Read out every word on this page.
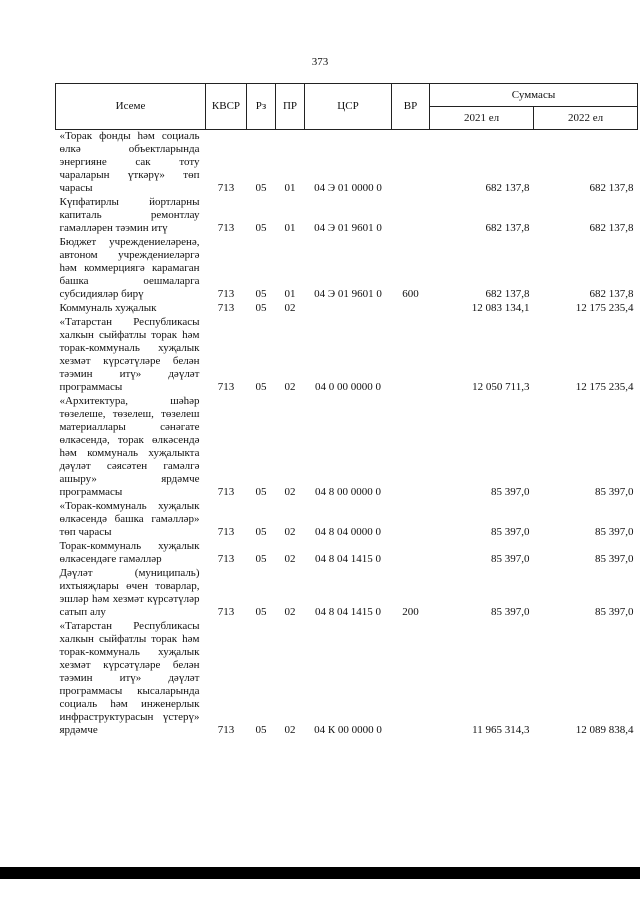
373
Исеме	КВСР	Рз	ПР	ЦСР	ВР	Суммасы	
						2021 ел	2022 ел
«Торак фонды һәм социаль өлкә объектларында энергияне сак тоту чараларын үткәрү» төп чарасы	713	05	01	04 Э 01 0000 0		682 137,8	682 137,8
Күпфатирлы йортларны капиталь ремонтлау гамәлләрен тәэмин итү	713	05	01	04 Э 01 9601 0		682 137,8	682 137,8
Бюджет учреждениеләренә, автоном учреждениеләргә һәм коммерциягә карамаган башка оешмаларга субсидияләр бирү	713	05	01	04 Э 01 9601 0	600	682 137,8	682 137,8
Коммуналь хуҗалык	713	05	02			12 083 134,1	12 175 235,4
«Татарстан Республикасы халкын сыйфатлы торак һәм торак-коммуналь хуҗалык хезмәт күрсәтүләре белән тәэмин итү» дәүләт программасы	713	05	02	04 0 00 0000 0		12 050 711,3	12 175 235,4
«Архитектура, шәһәр төзелеше, төзелеш, төзелеш материаллары сәнәгате өлкәсендә, торак өлкәсендә һәм коммуналь хуҗалыкта дәүләт сәясәтен гамәлгә ашыру» ярдәмче программасы	713	05	02	04 8 00 0000 0		85 397,0	85 397,0
«Торак-коммуналь хуҗалык өлкәсендә башка гамәлләр» төп чарасы	713	05	02	04 8 04 0000 0		85 397,0	85 397,0
Торак-коммуналь хуҗалык өлкәсендәге гамәлләр	713	05	02	04 8 04 1415 0		85 397,0	85 397,0
Дәүләт (муниципаль) ихтыяҗлары өчен товарлар, эшләр һәм хезмәт күрсәтүләр сатып алу	713	05	02	04 8 04 1415 0	200	85 397,0	85 397,0
«Татарстан Республикасы халкын сыйфатлы торак һәм торак-коммуналь хуҗалык хезмәт күрсәтүләре белән тәэмин итү» дәүләт программасы кысаларында социаль һәм инженерлык инфраструктурасын үстерү» ярдәмче	713	05	02	04 К 00 0000 0		11 965 314,3	12 089 838,4
